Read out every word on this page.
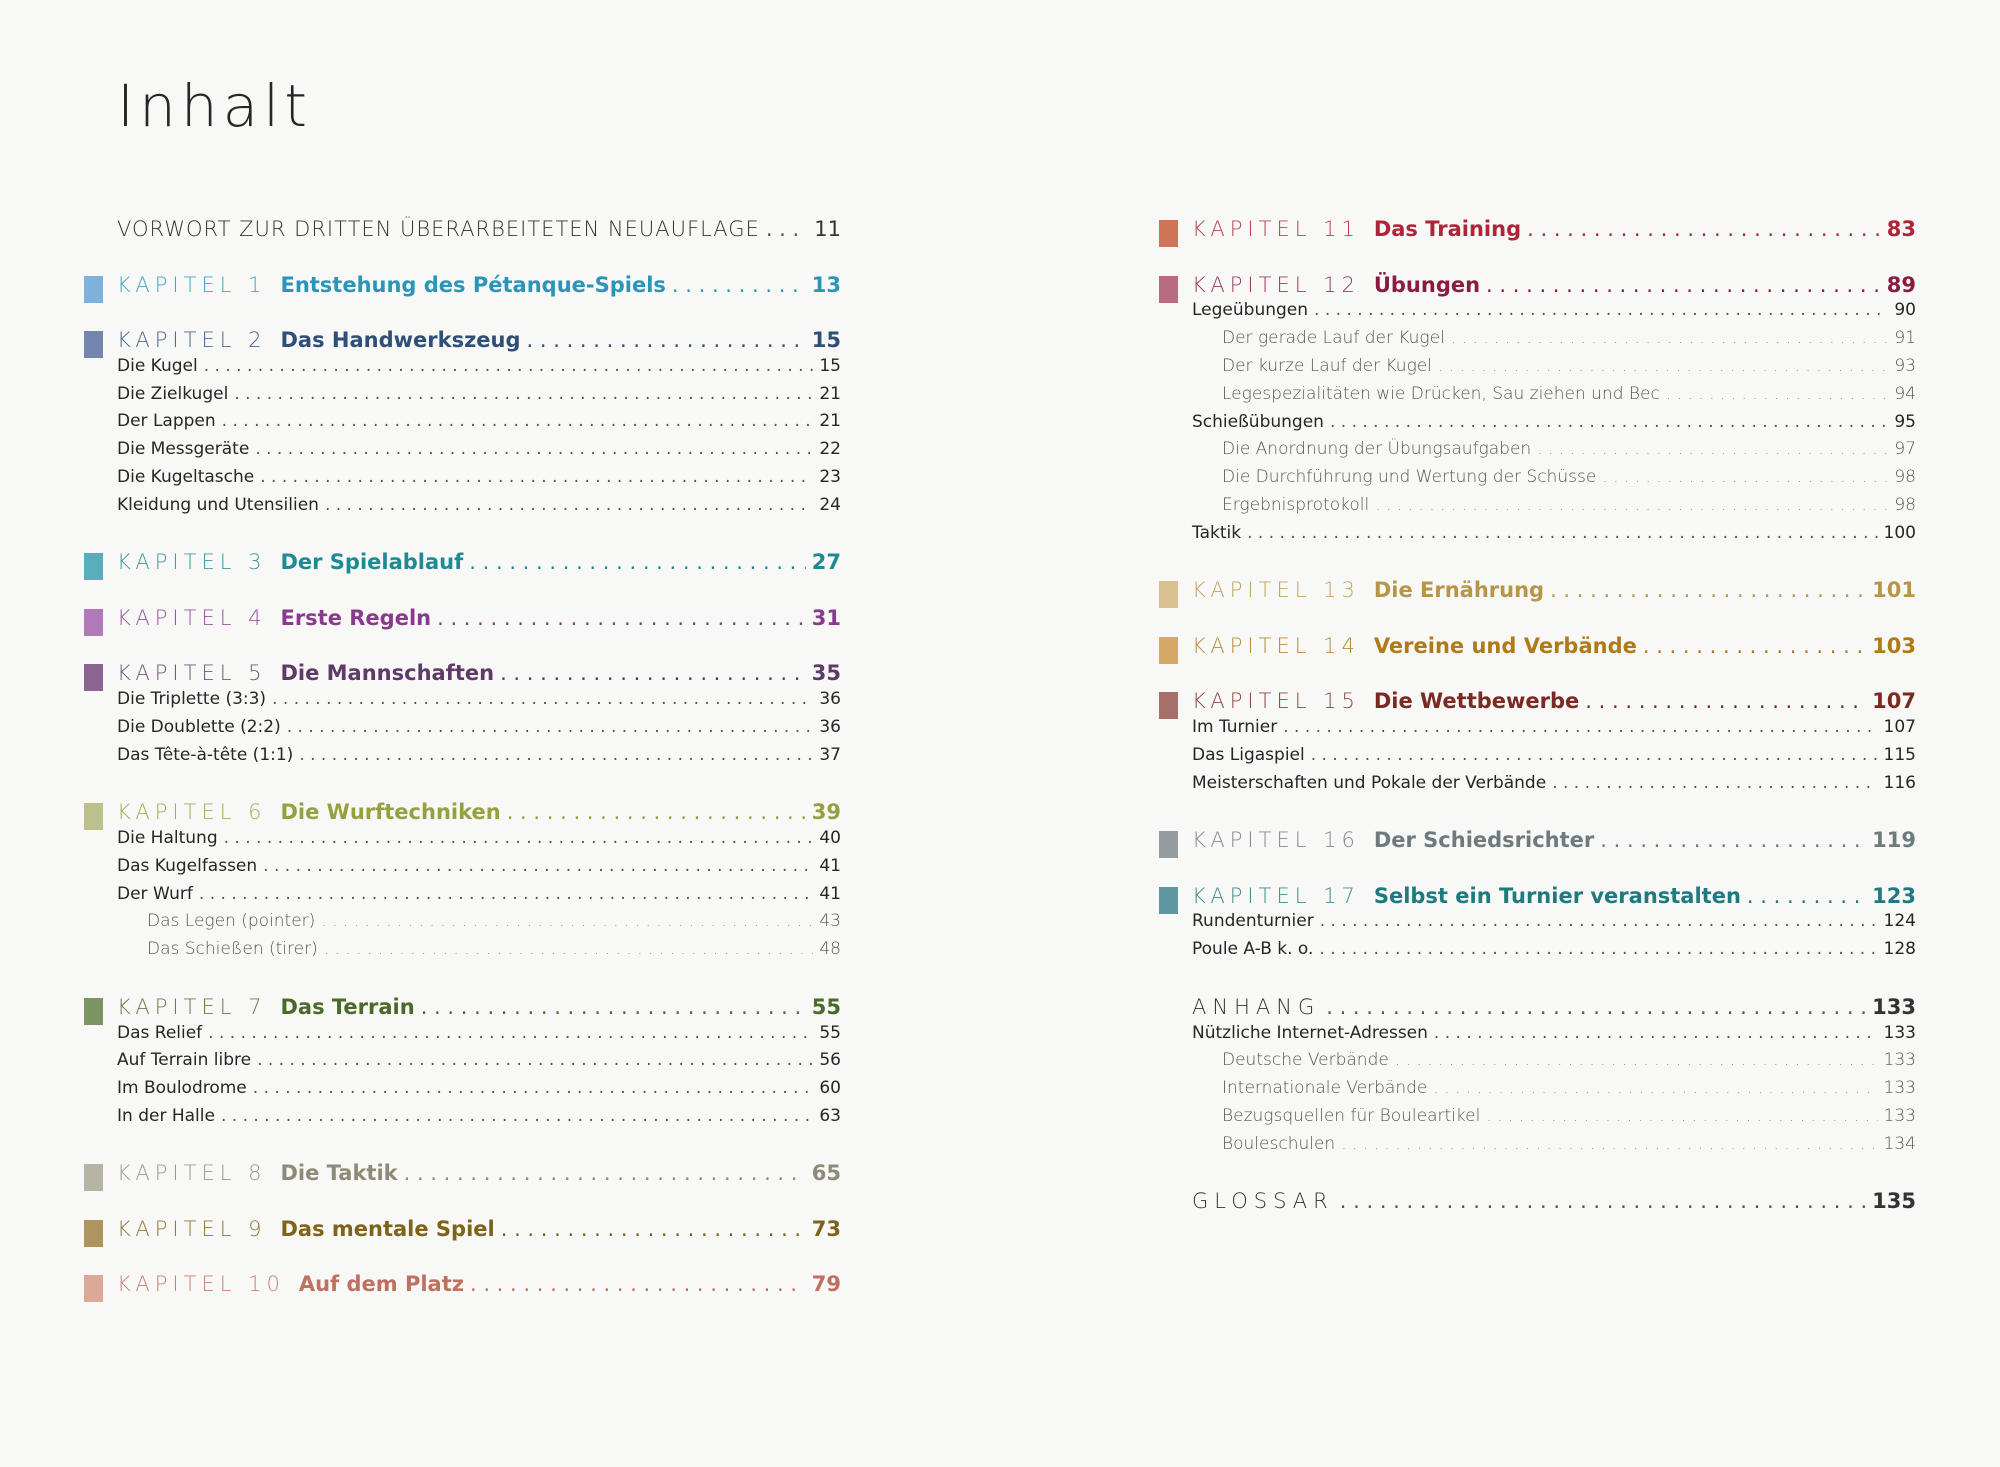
Inhalt
VORWORT ZUR DRITTEN ÜBERARBEITETEN NEUAUFLAGE . . .	11
KAPITEL 1 Entstehung des Pétanque-Spiels . . .	13
KAPITEL 2 Das Handwerkszeug . . .	15
Die Kugel . . .	15
Die Zielkugel . . .	21
Der Lappen . . .	21
Die Messgeräte . . .	22
Die Kugeltasche . . .	23
Kleidung und Utensilien . . .	24
KAPITEL 3 Der Spielablauf . . .	27
KAPITEL 4 Erste Regeln . . .	31
KAPITEL 5 Die Mannschaften . . .	35
Die Triplette (3:3) . . .	36
Die Doublette (2:2) . . .	36
Das Tête-à-tête (1:1) . . .	37
KAPITEL 6 Die Wurftechniken . . .	39
Die Haltung . . .	40
Das Kugelfassen . . .	41
Der Wurf . . .	41
Das Legen (pointer) . . .	43
Das Schießen (tirer) . . .	48
KAPITEL 7 Das Terrain . . .	55
Das Relief . . .	55
Auf Terrain libre . . .	56
Im Boulodrome . . .	60
In der Halle . . .	63
KAPITEL 8 Die Taktik . . .	65
KAPITEL 9 Das mentale Spiel . . .	73
KAPITEL 10 Auf dem Platz . . .	79
KAPITEL 11 Das Training . . .	83
KAPITEL 12 Übungen . . .	89
Legeübungen . . .	90
Der gerade Lauf der Kugel . . .	91
Der kurze Lauf der Kugel . . .	93
Legespezialitäten wie Drücken, Sau ziehen und Bec . . .	94
Schießübungen . . .	95
Die Anordnung der Übungsaufgaben . . .	97
Die Durchführung und Wertung der Schüsse . . .	98
Ergebnisprotokoll . . .	98
Taktik . . .	100
KAPITEL 13 Die Ernährung . . .	101
KAPITEL 14 Vereine und Verbände . . .	103
KAPITEL 15 Die Wettbewerbe . . .	107
Im Turnier . . .	107
Das Ligaspiel . . .	115
Meisterschaften und Pokale der Verbände . . .	116
KAPITEL 16 Der Schiedsrichter . . .	119
KAPITEL 17 Selbst ein Turnier veranstalten . . .	123
Rundenturnier . . .	124
Poule A-B k. o. . . .	128
ANHANG . . .	133
Nützliche Internet-Adressen . . .	133
Deutsche Verbände . . .	133
Internationale Verbände . . .	133
Bezugsquellen für Bouleartikel . . .	133
Bouleschulen . . .	134
GLOSSAR . . .	135
